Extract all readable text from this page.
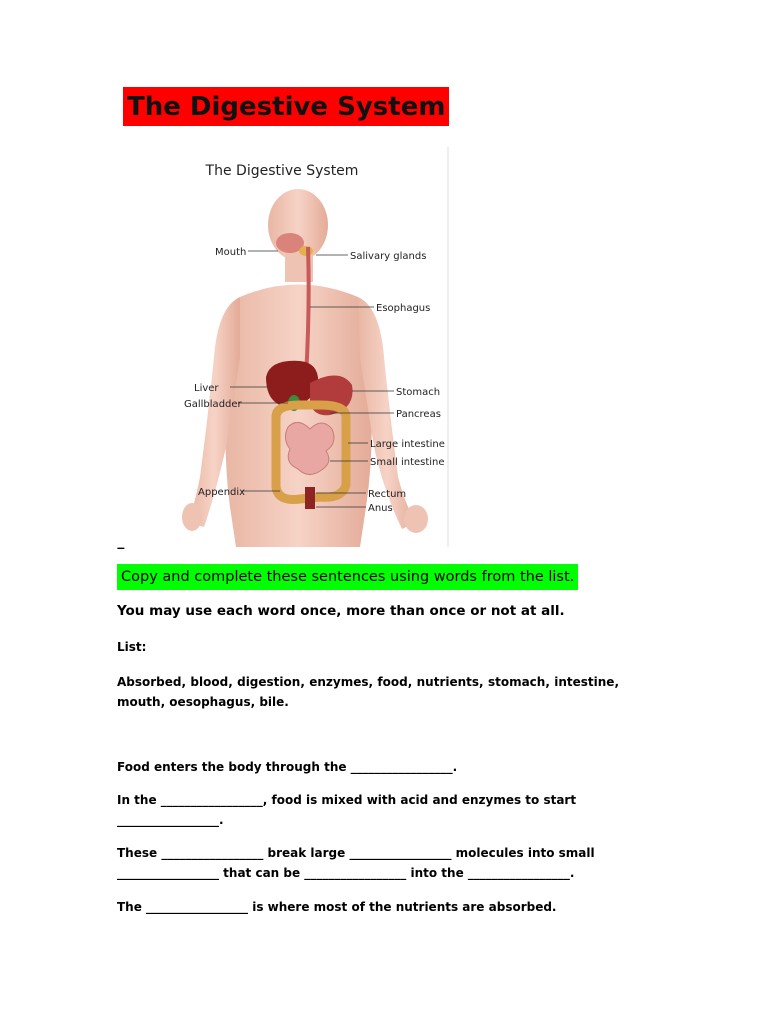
The Digestive System
The Digestive System
Mouth	Salivary glands
Esophagus
Liver
Gallbladder
Stomach
Pancreas
Large intestine
Small intestine
Appendix	Rectum
Anus
–
Copy and complete these sentences using words from the list.
You may use each word once, more than once or not at all.
List:
Absorbed, blood, digestion, enzymes, food, nutrients, stomach, intestine, mouth, oesophagus, bile.
Food enters the body through the _________________.
In the _________________, food is mixed with acid and enzymes to start _________________.
These _________________ break large _________________ molecules into small _________________ that can be _________________ into the _________________.
The _________________ is where most of the nutrients are absorbed.
